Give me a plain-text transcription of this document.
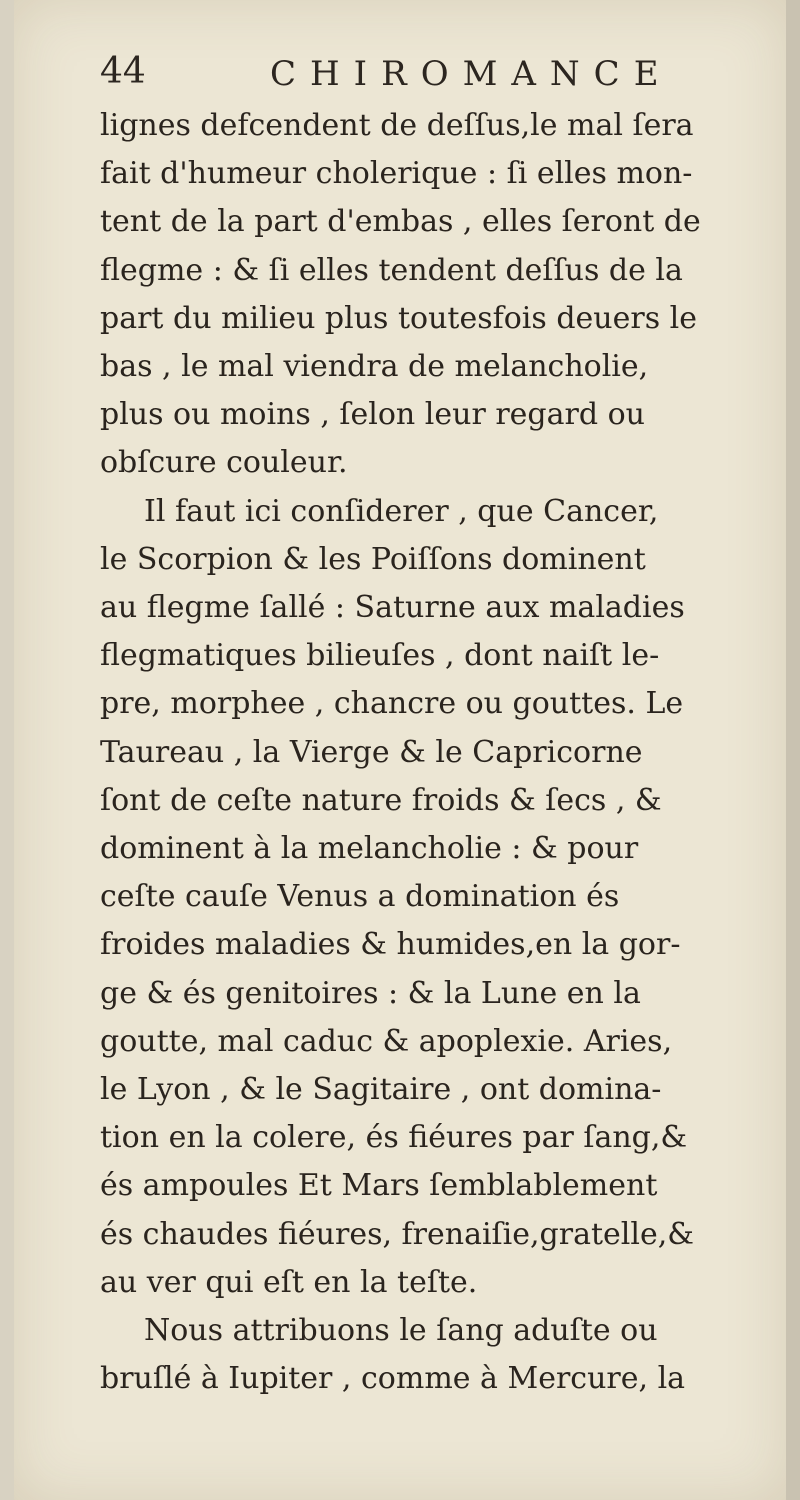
44	CHIROMANCE
lignes defcendent de deſſus,le mal ſera
fait d'humeur cholerique : ſi elles mon-
tent de la part d'embas , elles ſeront de
flegme : & ſi elles tendent deſſus de la
part du milieu plus toutesfois deuers le
bas , le mal viendra de melancholie,
plus ou moins , ſelon leur regard ou
obſcure couleur.
Il faut ici conſiderer , que Cancer,
le Scorpion & les Poiſſons dominent
au flegme ſallé : Saturne aux maladies
flegmatiques bilieuſes , dont naiſt le-
pre, morphee , chancre ou gouttes. Le
Taureau , la Vierge & le Capricorne
ſont de ceſte nature froids & ſecs , &
dominent à la melancholie : & pour
ceſte cauſe Venus a domination és
froides maladies & humides,en la gor-
ge & és genitoires : & la Lune en la
goutte, mal caduc & apoplexie. Aries,
le Lyon , & le Sagitaire , ont domina-
tion en la colere, és fiéures par ſang,&
és ampoules Et Mars ſemblablement
és chaudes fiéures, frenaiſie,gratelle,&
au ver qui eſt en la teſte.
Nous attribuons le ſang aduſte ou
bruſlé à Iupiter , comme à Mercure, la
